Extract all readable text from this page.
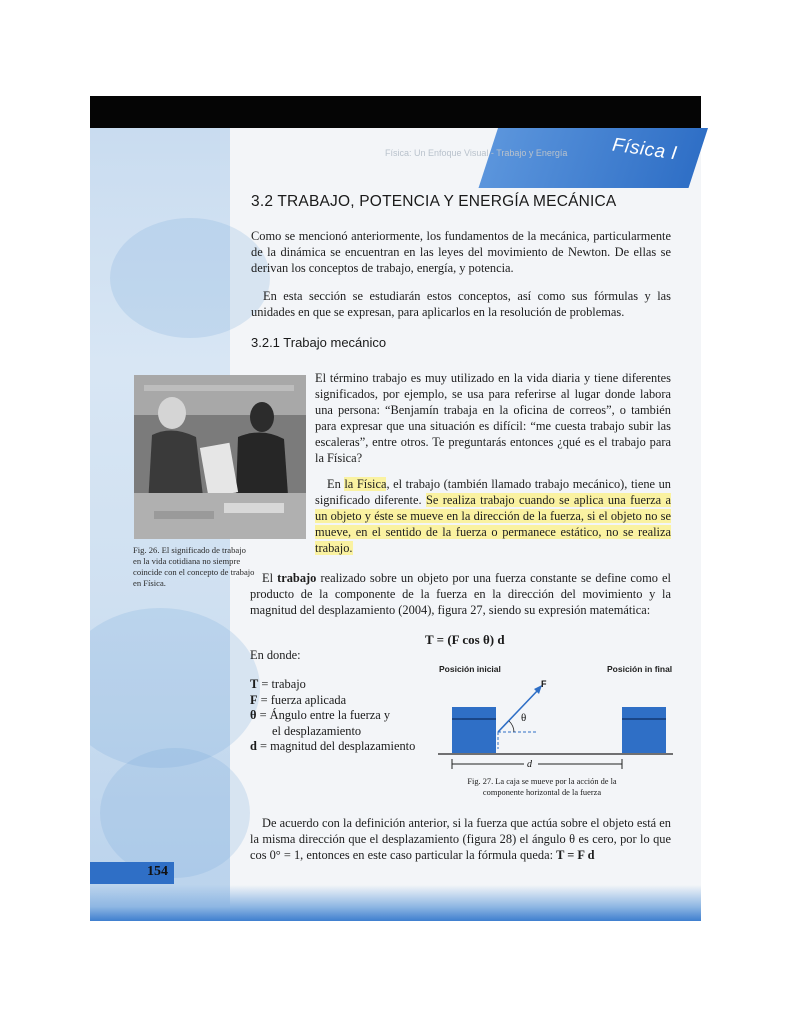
Física I
Física: Un Enfoque Visual - Trabajo y Energía
3.2 TRABAJO, POTENCIA Y ENERGÍA MECÁNICA
Como se mencionó anteriormente, los fundamentos de la mecánica, particularmente de la dinámica se encuentran en las leyes del movimiento de Newton. De ellas se derivan los conceptos de trabajo, energía, y potencia.
En esta sección se estudiarán estos conceptos, así como sus fórmulas y las unidades en que se expresan, para aplicarlos en la resolución de problemas.
3.2.1 Trabajo mecánico
Fig. 26. El significado de trabajo en la vida cotidiana no siempre coincide con el concepto de trabajo en Física.
El término trabajo es muy utilizado en la vida diaria y tiene diferentes significados, por ejemplo, se usa para referirse al lugar donde labora una persona: “Benjamín trabaja en la oficina de correos”, o también para expresar que una situación es difícil: “me cuesta trabajo subir las escaleras”, entre otros. Te preguntarás entonces ¿qué es el trabajo para la Física?
En la Física, el trabajo (también llamado trabajo mecánico), tiene un significado diferente. Se realiza trabajo cuando se aplica una fuerza a un objeto y éste se mueve en la dirección de la fuerza, si el objeto no se mueve, en el sentido de la fuerza o permanece estático, no se realiza trabajo.
El trabajo realizado sobre un objeto por una fuerza constante se define como el producto de la componente de la fuerza en la dirección del movimiento y la magnitud del desplazamiento (2004), figura 27, siendo su expresión matemática:
T = (F cos θ) d
En donde:
T = trabajo
F = fuerza aplicada
θ = Ángulo entre la fuerza y
el desplazamiento
d = magnitud del desplazamiento
Posición inicial	Posición in final
F
θ
d
Fig. 27. La caja se mueve por la acción de la componente horizontal de la fuerza
De acuerdo con la definición anterior, si la fuerza que actúa sobre el objeto está en la misma dirección que el desplazamiento (figura 28) el ángulo θ es cero, por lo que cos 0° = 1, entonces en este caso particular la fórmula queda: T = F d
154
